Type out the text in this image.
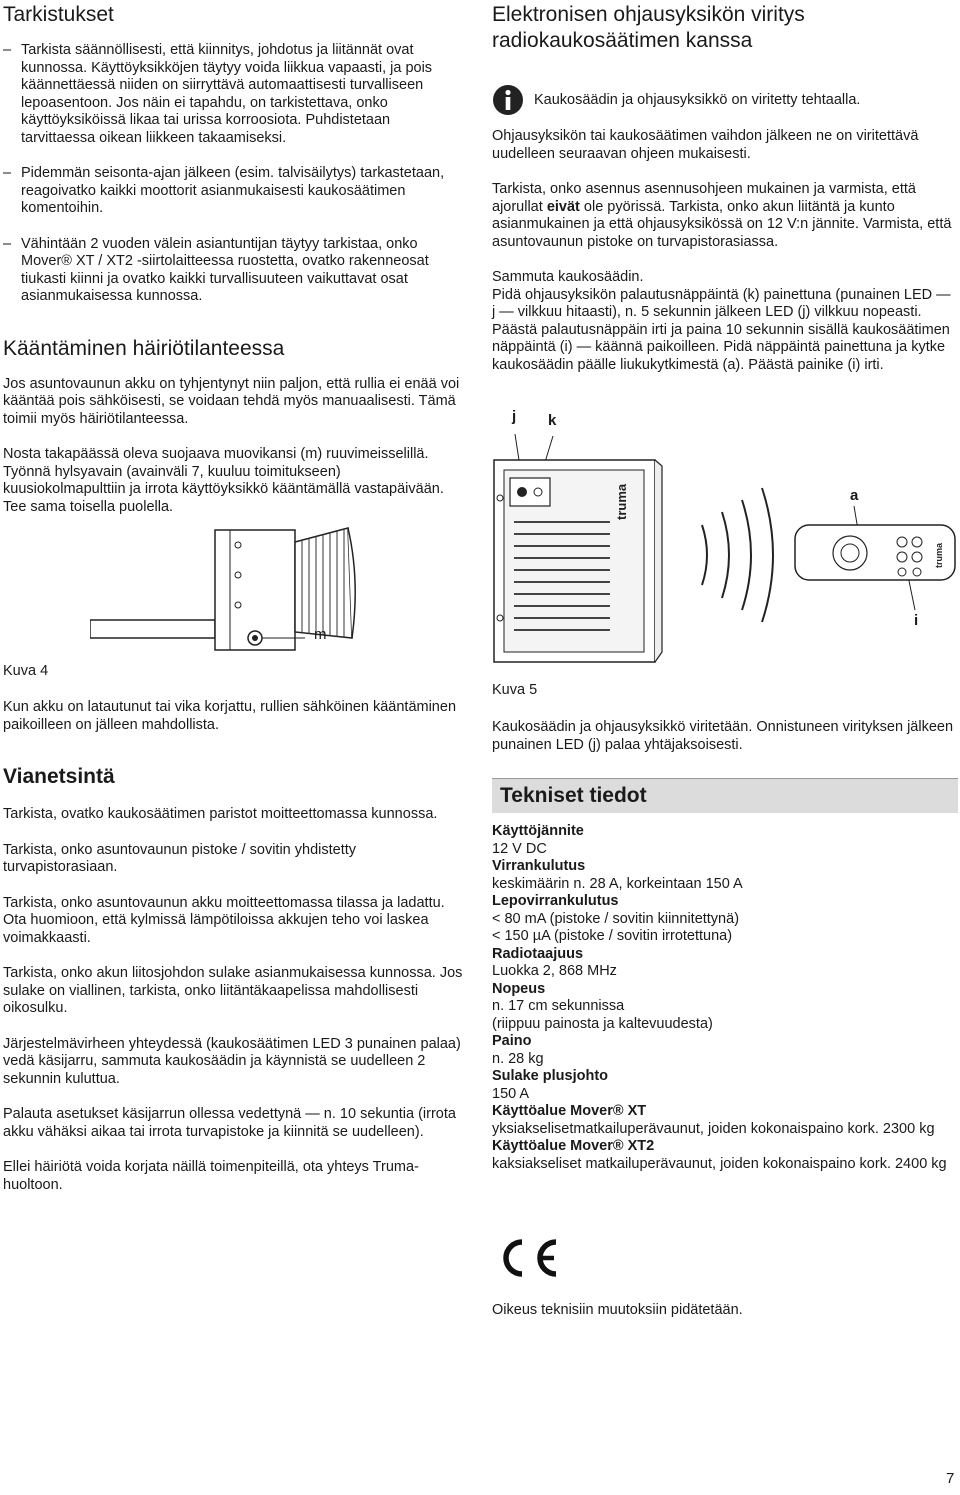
Tarkistukset

– Tarkista säännöllisesti, että kiinnitys, johdotus ja liitännät ovat kunnossa. Käyttöyksikköjen täytyy voida liikkua vapaasti, ja pois käännettäessä niiden on siirryttävä automaattisesti turvalliseen lepoasentoon. Jos näin ei tapahdu, on tarkistettava, onko käyttöyksiköissä likaa tai urissa korroosiota. Puhdistetaan tarvittaessa oikean liikkeen takaamiseksi.

– Pidemmän seisonta-ajan jälkeen (esim. talvisäilytys) tarkastetaan, reagoivatko kaikki moottorit asianmukaisesti kaukosäätimen komentoihin.

– Vähintään 2 vuoden välein asiantuntijan täytyy tarkistaa, onko Mover® XT / XT2 -siirtolaitteessa ruostetta, ovatko rakenneosat tiukasti kiinni ja ovatko kaikki turvallisuuteen vaikuttavat osat asianmukaisessa kunnossa.

Kääntäminen häiriötilanteessa

Jos asuntovaunun akku on tyhjentynyt niin paljon, että rullia ei enää voi kääntää pois sähköisesti, se voidaan tehdä myös manuaalisesti. Tämä toimii myös häiriötilanteessa.

Nosta takapäässä oleva suojaava muovikansi (m) ruuvimeisselillä. Työnnä hylsyavain (avainväli 7, kuuluu toimitukseen) kuusiokolmapulttiin ja irrota käyttöyksikkö kääntämällä vastapäivään. Tee sama toisella puolella.

m

Kuva 4

Kun akku on latautunut tai vika korjattu, rullien sähköinen kääntäminen paikoilleen on jälleen mahdollista.

Vianetsintä

Tarkista, ovatko kaukosäätimen paristot moitteettomassa kunnossa.

Tarkista, onko asuntovaunun pistoke / sovitin yhdistetty turvapistorasiaan.

Tarkista, onko asuntovaunun akku moitteettomassa tilassa ja ladattu. Ota huomioon, että kylmissä lämpötiloissa akkujen teho voi laskea voimakkaasti.

Tarkista, onko akun liitosjohdon sulake asianmukaisessa kunnossa. Jos sulake on viallinen, tarkista, onko liitäntäkaapelissa mahdollisesti oikosulku.

Järjestelmävirheen yhteydessä (kaukosäätimen LED 3 punainen palaa) vedä käsijarru, sammuta kaukosäädin ja käynnistä se uudelleen 2 sekunnin kuluttua.

Palauta asetukset käsijarrun ollessa vedettynä — n. 10 sekuntia (irrota akku vähäksi aikaa tai irrota turvapistoke ja kiinnitä se uudelleen).

Ellei häiriötä voida korjata näillä toimenpiteillä, ota yhteys Truma-huoltoon.

Elektronisen ohjausyksikön viritys radiokaukosäätimen kanssa
Kaukosäädin ja ohjausyksikkö on viritetty tehtaalla.

Ohjausyksikön tai kaukosäätimen vaihdon jälkeen ne on viritettävä uudelleen seuraavan ohjeen mukaisesti.

Tarkista, onko asennus asennusohjeen mukainen ja varmista, että ajorullat eivät ole pyörissä. Tarkista, onko akun liitäntä ja kunto asianmukainen ja että ohjausyksikössä on 12 V:n jännite. Varmista, että asuntovaunun pistoke on turvapistorasiassa.

Sammuta kaukosäädin.

Pidä ohjausyksikön palautusnäppäintä (k) painettuna (punainen LED — j — vilkkuu hitaasti), n. 5 sekunnin jälkeen LED (j) vilkkuu nopeasti. Päästä palautusnäppäin irti ja paina 10 sekunnin sisällä kaukosäätimen näppäintä (i) — käännä paikoilleen. Pidä näppäintä painettuna ja kytke kaukosäädin päälle liukukytkimestä (a). Päästä painike (i) irti.

j k
a
i
truma
truma

Kuva 5

Kaukosäädin ja ohjausyksikkö viritetään. Onnistuneen virityksen jälkeen punainen LED (j) palaa yhtäjaksoisesti.

Tekniset tiedot
Käyttöjännite
12 V DC
Virrankulutus
keskimäärin n. 28 A, korkeintaan 150 A
Lepovirrankulutus
< 80 mA (pistoke / sovitin kiinnitettynä)
< 150 µA (pistoke / sovitin irrotettuna)
Radiotaajuus
Luokka 2, 868 MHz
Nopeus
n. 17 cm sekunnissa
(riippuu painosta ja kaltevuudesta)
Paino
n. 28 kg
Sulake plusjohto
150 A
Käyttöalue Mover® XT
yksiakselisetmatkailuperävaunut, joiden kokonaispaino kork. 2300 kg
Käyttöalue Mover® XT2
kaksiakseliset matkailuperävaunut, joiden kokonaispaino kork. 2400 kg

Oikeus teknisiin muutoksiin pidätetään.

7
